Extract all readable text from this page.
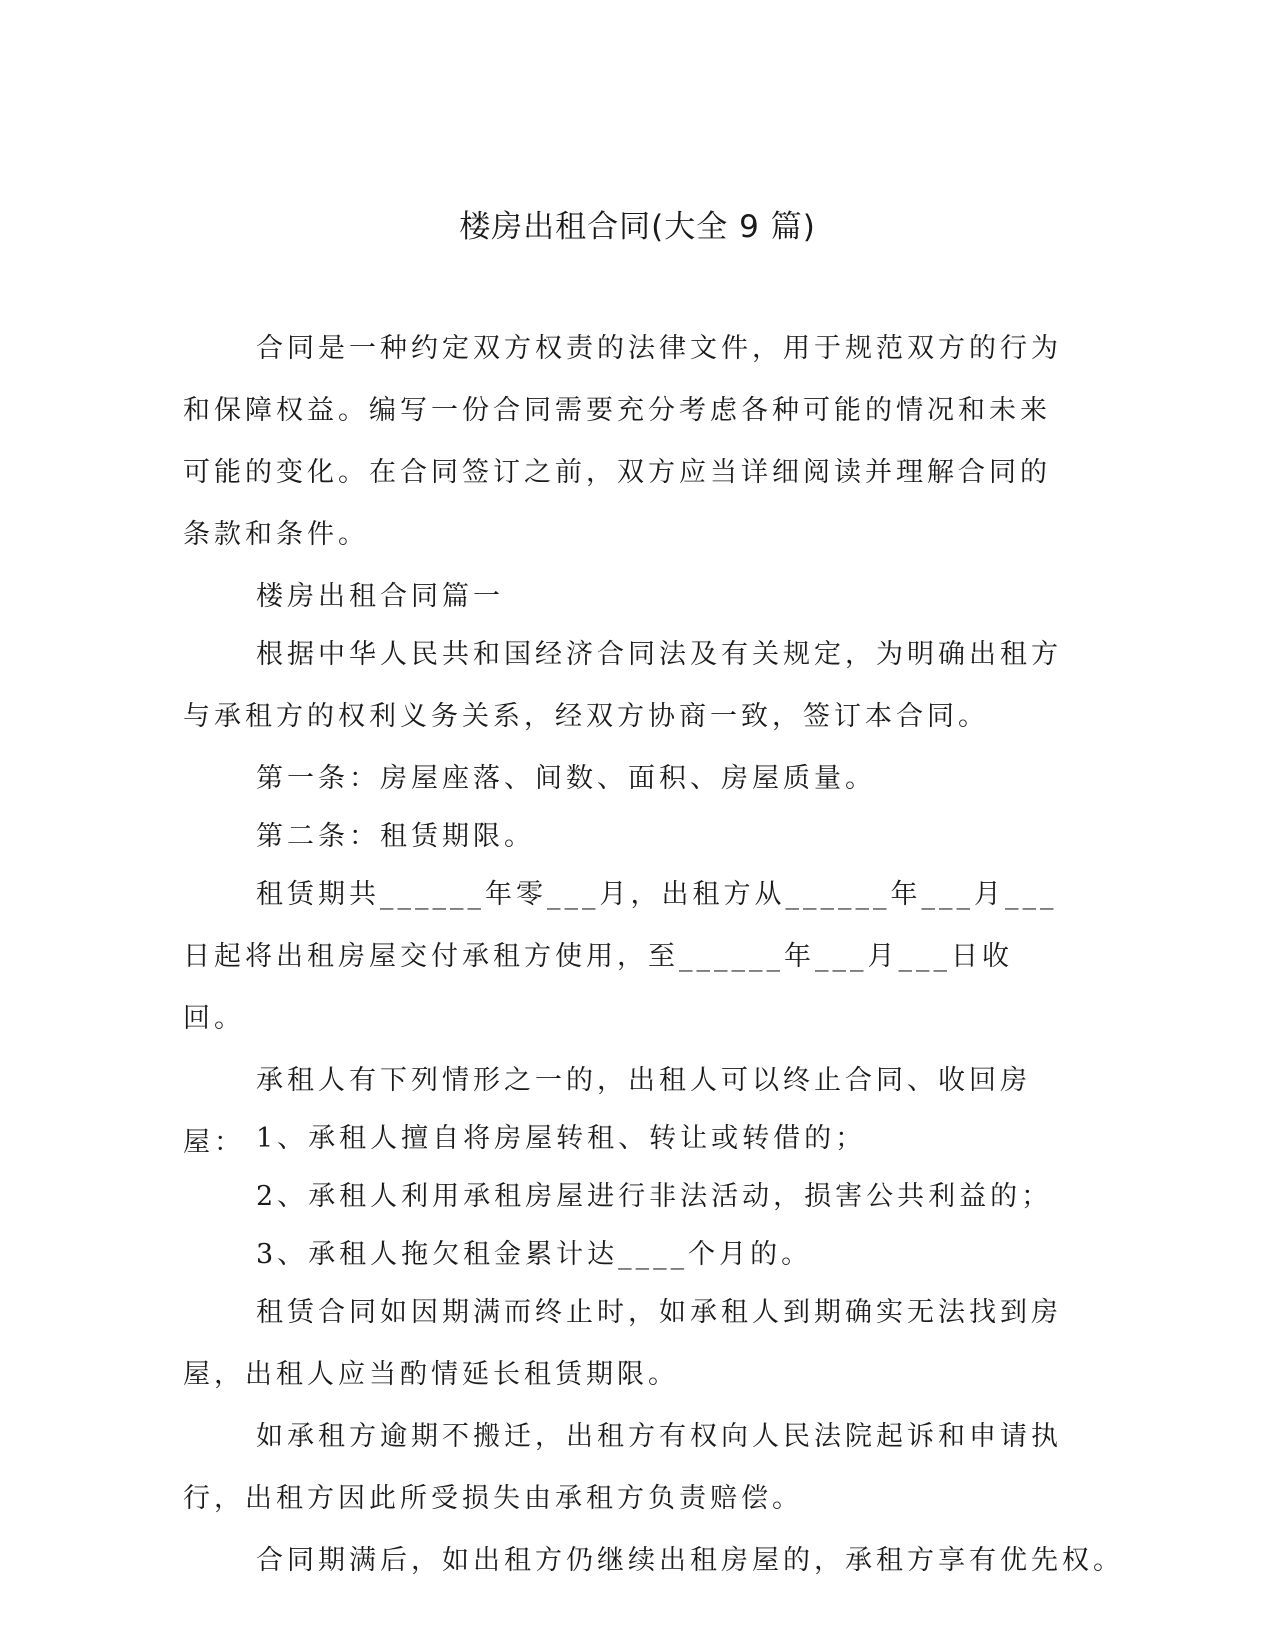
楼房出租合同(大全 9 篇)

合同是一种约定双方权责的法律文件，用于规范双方的行为和保障权益。编写一份合同需要充分考虑各种可能的情况和未来可能的变化。在合同签订之前，双方应当详细阅读并理解合同的条款和条件。

楼房出租合同篇一

根据中华人民共和国经济合同法及有关规定，为明确出租方与承租方的权利义务关系，经双方协商一致，签订本合同。

第一条：房屋座落、间数、面积、房屋质量。

第二条：租赁期限。

租赁期共______年零___月，出租方从______年___月___日起将出租房屋交付承租方使用，至______年___月___日收回。

承租人有下列情形之一的，出租人可以终止合同、收回房屋： 1、承租人擅自将房屋转租、转让或转借的；

2、承租人利用承租房屋进行非法活动，损害公共利益的；

3、承租人拖欠租金累计达____个月的。

租赁合同如因期满而终止时，如承租人到期确实无法找到房屋，出租人应当酌情延长租赁期限。

如承租方逾期不搬迁，出租方有权向人民法院起诉和申请执行，出租方因此所受损失由承租方负责赔偿。

合同期满后，如出租方仍继续出租房屋的，承租方享有优先权。
